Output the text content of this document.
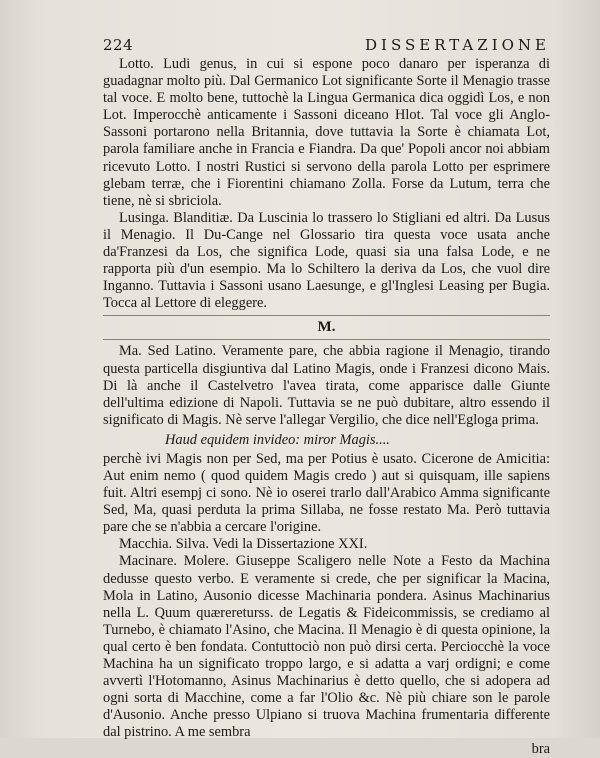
224	DISSERTAZIONE

Lotto. Ludi genus, in cui si espone poco danaro per isperanza di guadagnar molto più. Dal Germanico Lot significante Sorte il Menagio trasse tal voce. E molto bene, tuttochè la Lingua Germanica dica oggidì Los, e non Lot. Imperocchè anticamente i Sassoni diceano Hlot. Tal voce gli Anglo-Sassoni portarono nella Britannia, dove tuttavia la Sorte è chiamata Lot, parola familiare anche in Francia e Fiandra. Da que' Popoli ancor noi abbiam ricevuto Lotto. I nostri Rustici si servono della parola Lotto per esprimere glebam terræ, che i Fiorentini chiamano Zolla. Forse da Lutum, terra che tiene, nè si sbriciola.

Lusinga. Blanditiæ. Da Luscinia lo trassero lo Stigliani ed altri. Da Lusus il Menagio. Il Du-Cange nel Glossario tira questa voce usata anche da'Franzesi da Los, che significa Lode, quasi sia una falsa Lode, e ne rapporta più d'un esempio. Ma lo Schiltero la deriva da Los, che vuol dire Inganno. Tuttavia i Sassoni usano Laesunge, e gl'Inglesi Leasing per Bugia. Tocca al Lettore di eleggere.

M.

Ma. Sed Latino. Veramente pare, che abbia ragione il Menagio, tirando questa particella disgiuntiva dal Latino Magis, onde i Franzesi dicono Mais. Di là anche il Castelvetro l'avea tirata, come apparisce dalle Giunte dell'ultima edizione di Napoli. Tuttavia se ne può dubitare, altro essendo il significato di Magis. Nè serve l'allegar Vergilio, che dice nell'Egloga prima.

Haud equidem invideo: miror Magis....

perchè ivi Magis non per Sed, ma per Potius è usato. Cicerone de Amicitia: Aut enim nemo ( quod quidem Magis credo ) aut si quisquam, ille sapiens fuit. Altri esempj ci sono. Nè io oserei trarlo dall'Arabico Amma significante Sed, Ma, quasi perduta la prima Sillaba, ne fosse restato Ma. Però tuttavia pare che se n'abbia a cercare l'origine.

Macchia. Silva. Vedi la Dissertazione XXI.

Macinare. Molere. Giuseppe Scaligero nelle Note a Festo da Machina dedusse questo verbo. E veramente si crede, che per significar la Macina, Mola in Latino, Ausonio dicesse Machinaria pondera. Asinus Machinarius nella L. Quum quærereturss. de Legatis & Fideicommissis, se crediamo al Turnebo, è chiamato l'Asino, che Macina. Il Menagio è di questa opinione, la qual certo è ben fondata. Contuttociò non può dirsi certa. Perciocchè la voce Machina ha un significato troppo largo, e si adatta a varj ordigni; e come avvertì l'Hotomanno, Asinus Machinarius è detto quello, che si adopera ad ogni sorta di Macchine, come a far l'Olio &c. Nè più chiare son le parole d'Ausonio. Anche presso Ulpiano si truova Machina frumentaria differente dal pistrino. A me sembra

bra
